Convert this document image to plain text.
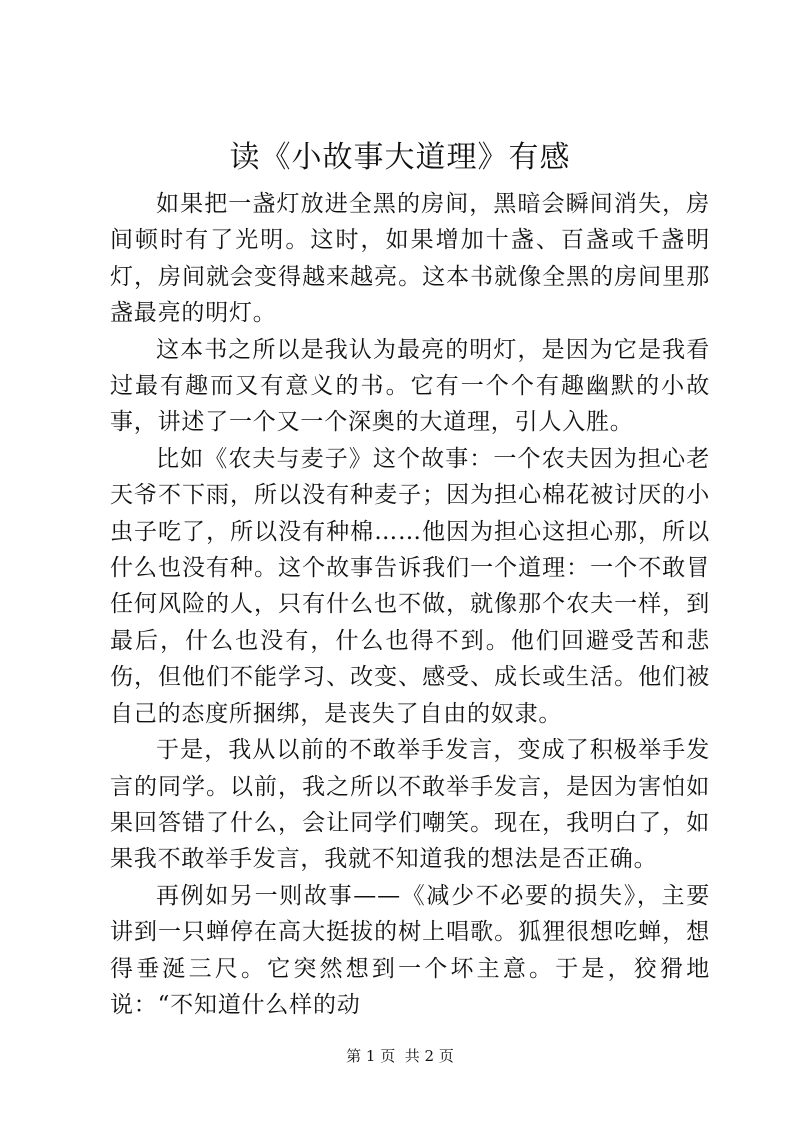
读《小故事大道理》有感

如果把一盏灯放进全黑的房间，黑暗会瞬间消失，房间顿时有了光明。这时，如果增加十盏、百盏或千盏明灯，房间就会变得越来越亮。这本书就像全黑的房间里那盏最亮的明灯。

这本书之所以是我认为最亮的明灯，是因为它是我看过最有趣而又有意义的书。它有一个个有趣幽默的小故事，讲述了一个又一个深奥的大道理，引人入胜。

比如《农夫与麦子》这个故事：一个农夫因为担心老天爷不下雨，所以没有种麦子；因为担心棉花被讨厌的小虫子吃了，所以没有种棉……他因为担心这担心那，所以什么也没有种。这个故事告诉我们一个道理：一个不敢冒任何风险的人，只有什么也不做，就像那个农夫一样，到最后，什么也没有，什么也得不到。他们回避受苦和悲伤，但他们不能学习、改变、感受、成长或生活。他们被自己的态度所捆绑，是丧失了自由的奴隶。

于是，我从以前的不敢举手发言，变成了积极举手发言的同学。以前，我之所以不敢举手发言，是因为害怕如果回答错了什么，会让同学们嘲笑。现在，我明白了，如果我不敢举手发言，我就不知道我的想法是否正确。

再例如另一则故事——《减少不必要的损失》，主要讲到一只蝉停在高大挺拔的树上唱歌。狐狸很想吃蝉，想得垂涎三尺。它突然想到一个坏主意。于是，狡猾地说：“不知道什么样的动

第 1 页 共 2 页
